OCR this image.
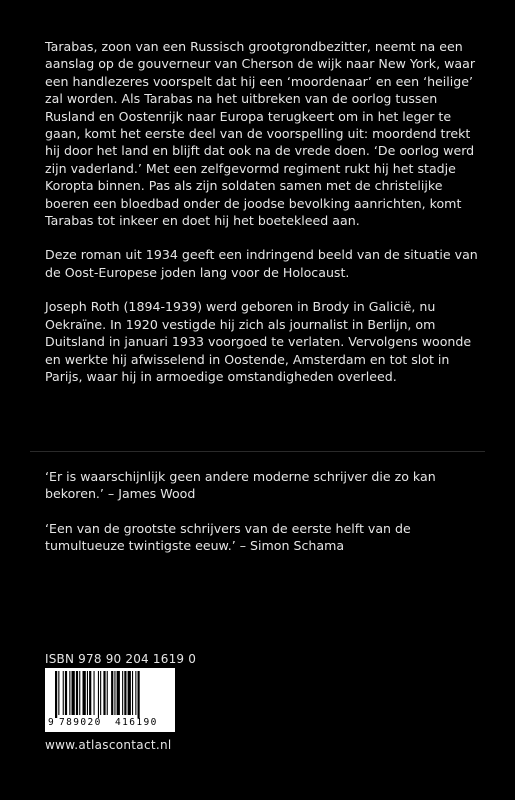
Tarabas, zoon van een Russisch grootgrondbezitter, neemt na een aanslag op de gouverneur van Cherson de wijk naar New York, waar een handlezeres voorspelt dat hij een ‘moordenaar’ en een ‘heilige’ zal worden. Als Tarabas na het uitbreken van de oorlog tussen Rusland en Oostenrijk naar Europa terugkeert om in het leger te gaan, komt het eerste deel van de voorspelling uit: moordend trekt hij door het land en blijft dat ook na de vrede doen. ‘De oorlog werd zijn vaderland.’ Met een zelfgevormd regiment rukt hij het stadje Koropta binnen. Pas als zijn soldaten samen met de christelijke boeren een bloedbad onder de joodse bevolking aanrichten, komt Tarabas tot inkeer en doet hij het boetekleed aan.

Deze roman uit 1934 geeft een indringend beeld van de situatie van de Oost-Europese joden lang voor de Holocaust.

Joseph Roth (1894-1939) werd geboren in Brody in Galicië, nu Oekraïne. In 1920 vestigde hij zich als journalist in Berlijn, om Duitsland in januari 1933 voorgoed te verlaten. Vervolgens woonde en werkte hij afwisselend in Oostende, Amsterdam en tot slot in Parijs, waar hij in armoedige omstandigheden overleed.

‘Er is waarschijnlijk geen andere moderne schrijver die zo kan bekoren.’ – James Wood

‘Een van de grootste schrijvers van de eerste helft van de tumultueuze twintigste eeuw.’ – Simon Schama

ISBN 978 90 204 1619 0
9 789020 416190
www.atlascontact.nl
